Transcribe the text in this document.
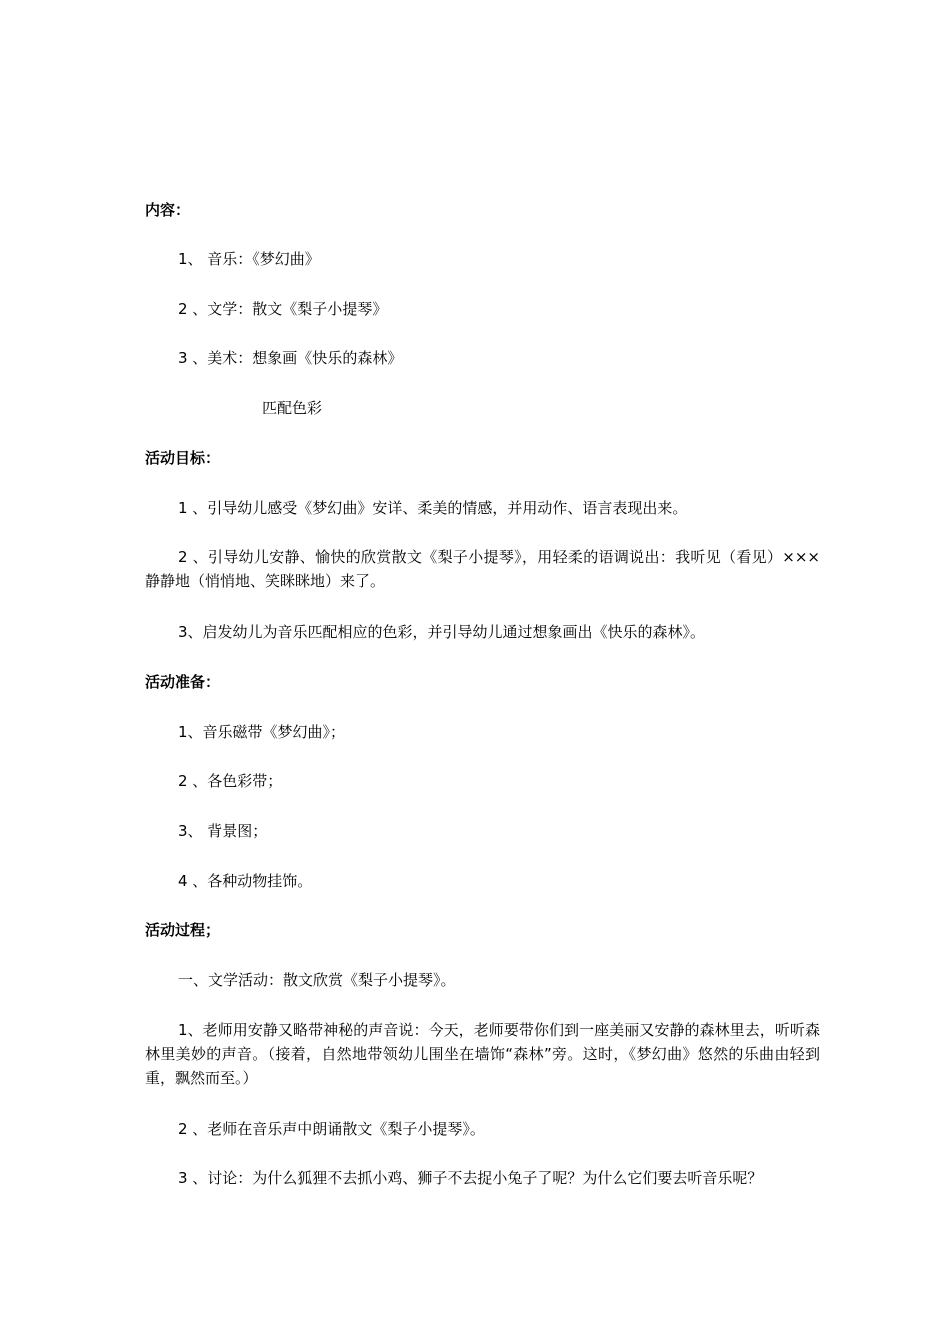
内容：
1、 音乐：《梦幻曲》
2 、文学：散文《梨子小提琴》
3 、美术：想象画《快乐的森林》
匹配色彩
活动目标：
1 、引导幼儿感受《梦幻曲》安详、柔美的情感，并用动作、语言表现出来。
2 、引导幼儿安静、愉快的欣赏散文《梨子小提琴》，用轻柔的语调说出：我听见（看见）×××静静地（悄悄地、笑眯眯地）来了。
3、启发幼儿为音乐匹配相应的色彩，并引导幼儿通过想象画出《快乐的森林》。
活动准备：
1、音乐磁带《梦幻曲》；
2 、各色彩带；
3、 背景图；
4 、各种动物挂饰。
活动过程；
一、文学活动：散文欣赏《梨子小提琴》。
1、老师用安静又略带神秘的声音说：今天，老师要带你们到一座美丽又安静的森林里去，听听森林里美妙的声音。（接着，自然地带领幼儿围坐在墙饰“森林”旁。这时，《梦幻曲》悠然的乐曲由轻到重，飘然而至。）
2 、老师在音乐声中朗诵散文《梨子小提琴》。
3 、讨论：为什么狐狸不去抓小鸡、狮子不去捉小兔子了呢？为什么它们要去听音乐呢？
